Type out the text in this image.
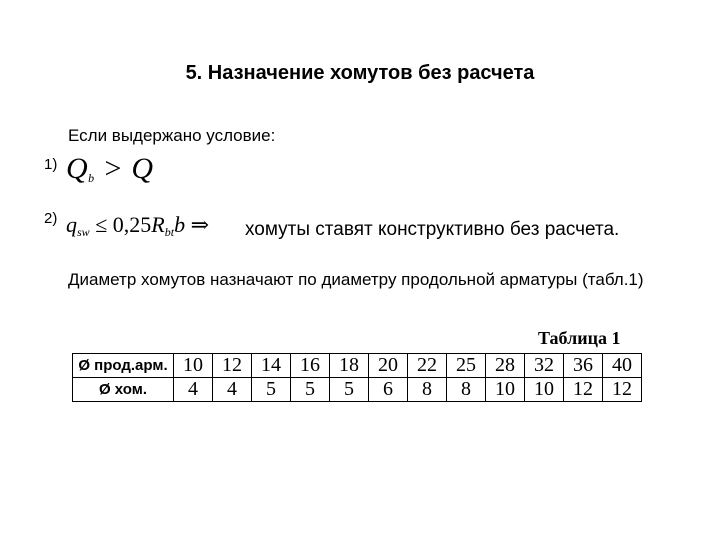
5. Назначение хомутов без расчета
Если выдержано условие:
1) $Q_b > Q$
2) $q_{sw} \le 0,25R_{bt}b$ ⇒ хомуты ставят конструктивно без расчета.
Диаметр хомутов назначают по диаметру продольной арматуры (табл.1)
Таблица 1
Ø прод.арм.	10	12	14	16	18	20	22	25	28	32	36	40
Ø хом.	4	4	5	5	5	6	8	8	10	10	12	12
